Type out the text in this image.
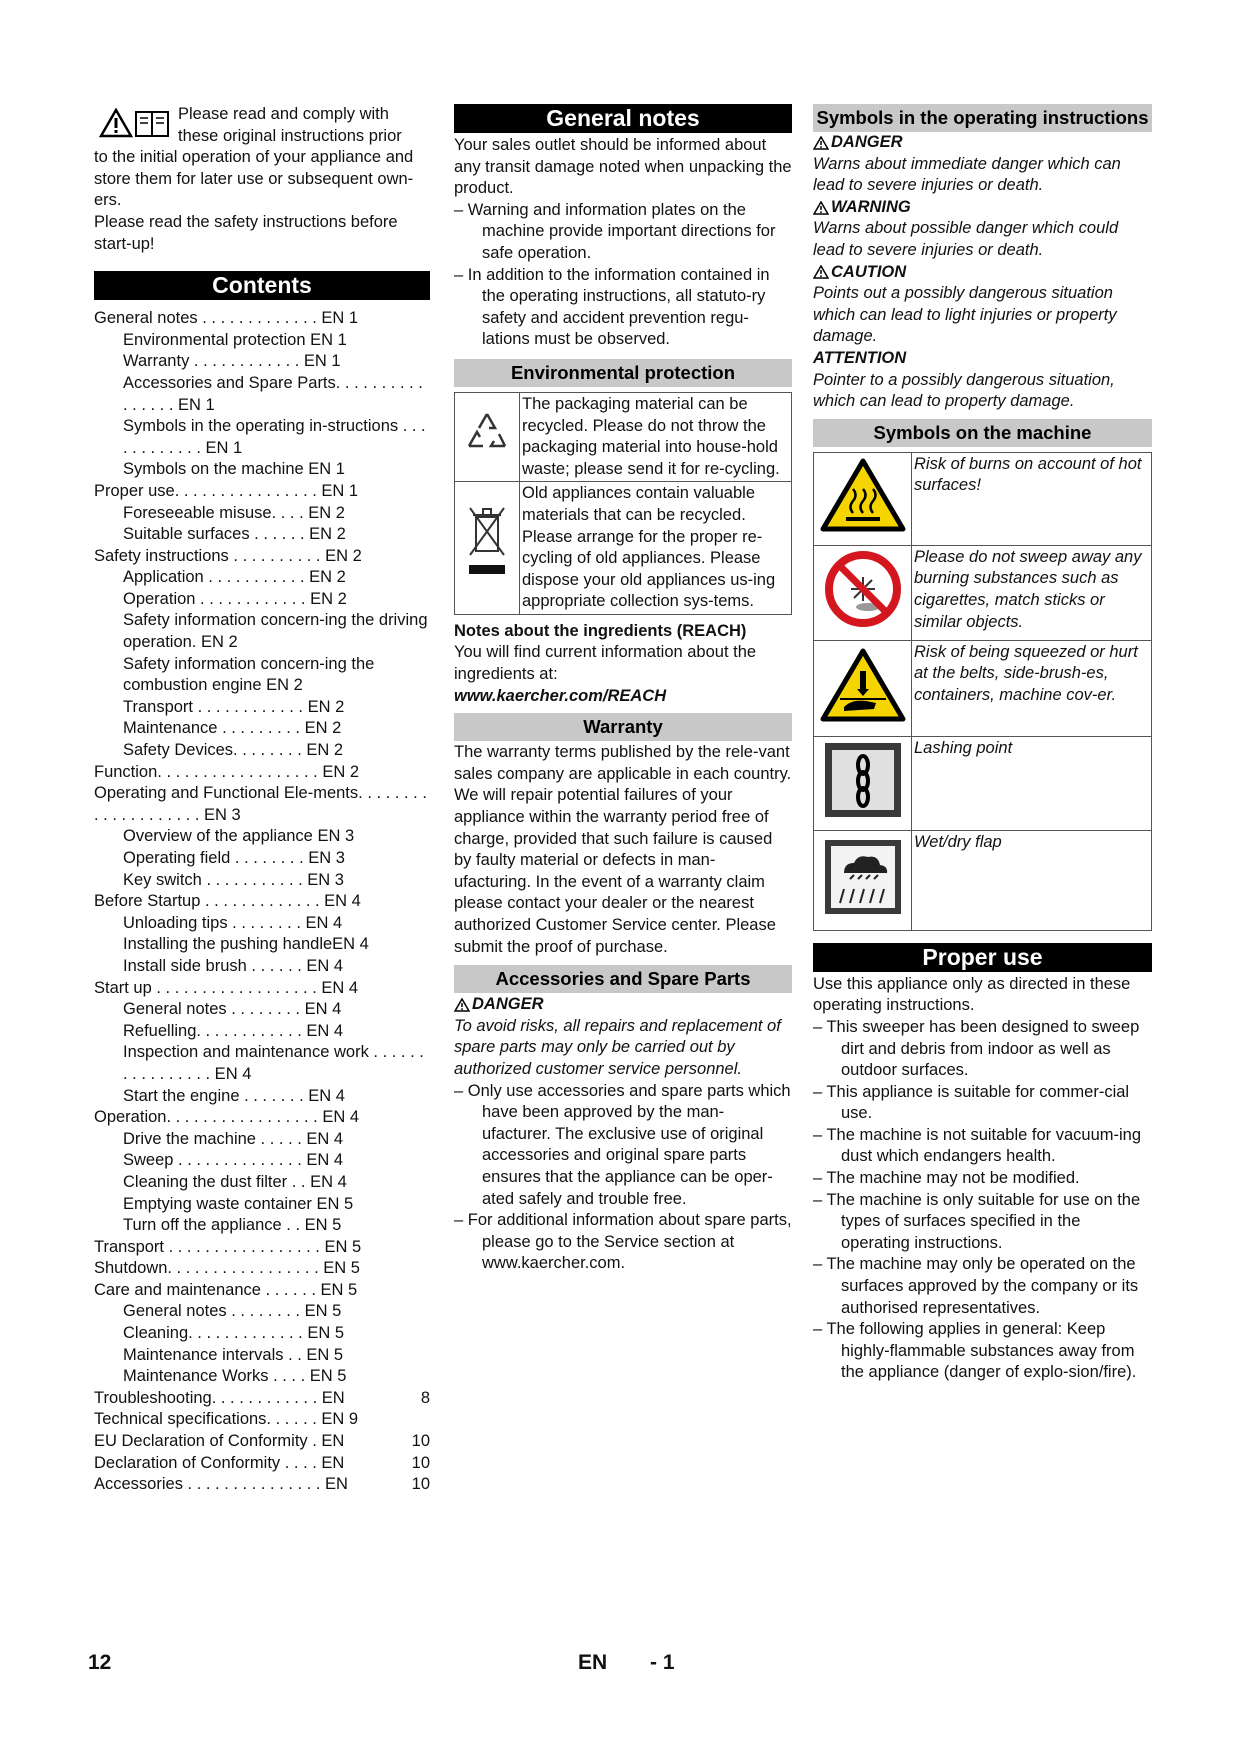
Please read and comply with

these original instructions prior

to the initial operation of your appliance and store them for later use or subsequent own-ers.

Please read the safety instructions before start-up!

Contents
General notes . . . . . . . . . . . . . EN 1
Environmental protection EN 1
Warranty . . . . . . . . . . . . EN 1
Accessories and Spare Parts. . . . . . . . . . . . . . . . EN 1
Symbols in the operating in-structions . . . . . . . . . . . . EN 1
Symbols on the machine EN 1
Proper use. . . . . . . . . . . . . . . . EN 1
Foreseeable misuse. . . . EN 2
Suitable surfaces . . . . . . EN 2
Safety instructions . . . . . . . . . . EN 2
Application . . . . . . . . . . . EN 2
Operation . . . . . . . . . . . . EN 2
Safety information concern-ing the driving operation. EN 2
Safety information concern-ing the combustion engine EN 2
Transport . . . . . . . . . . . . EN 2
Maintenance . . . . . . . . . EN 2
Safety Devices. . . . . . . . EN 2
Function. . . . . . . . . . . . . . . . . . EN 2
Operating and Functional Ele-ments. . . . . . . . . . . . . . . . . . . . EN 3
Overview of the appliance EN 3
Operating field . . . . . . . . EN 3
Key switch . . . . . . . . . . . EN 3
Before Startup . . . . . . . . . . . . . EN 4
Unloading tips . . . . . . . . EN 4
Installing the pushing handleEN 4
Install side brush . . . . . . EN 4
Start up . . . . . . . . . . . . . . . . . . EN 4
General notes . . . . . . . . EN 4
Refuelling. . . . . . . . . . . . EN 4
Inspection and maintenance work . . . . . . . . . . . . . . . . EN 4
Start the engine . . . . . . . EN 4
Operation. . . . . . . . . . . . . . . . . EN 4
Drive the machine . . . . . EN 4
Sweep . . . . . . . . . . . . . . EN 4
Cleaning the dust filter . . EN 4
Emptying waste container EN 5
Turn off the appliance . . EN 5
Transport . . . . . . . . . . . . . . . . . EN 5
Shutdown. . . . . . . . . . . . . . . . . EN 5
Care and maintenance . . . . . . EN 5
General notes . . . . . . . . EN 5
Cleaning. . . . . . . . . . . . . EN 5
Maintenance intervals . . EN 5
Maintenance Works . . . . EN 5
Troubleshooting. . . . . . . . . . . . EN	8
Technical specifications. . . . . . EN 9
EU Declaration of Conformity . EN	10
Declaration of Conformity . . . . EN	10
Accessories . . . . . . . . . . . . . . . EN	10
General notes

Your sales outlet should be informed about any transit damage noted when unpacking the product.

– Warning and information plates on the machine provide important directions for safe operation.

– In addition to the information contained in the operating instructions, all statuto-ry safety and accident prevention regu-lations must be observed.

Environmental protection
	The packaging material can be recycled. Please do not throw the packaging material into house-hold waste; please send it for re-cycling.
	Old appliances contain valuable materials that can be recycled. Please arrange for the proper re-cycling of old appliances. Please dispose your old appliances us-ing appropriate collection sys-tems.

Notes about the ingredients (REACH)

You will find current information about the ingredients at:

www.kaercher.com/REACH

Warranty

The warranty terms published by the rele-vant sales company are applicable in each country. We will repair potential failures of your appliance within the warranty period free of charge, provided that such failure is caused by faulty material or defects in man-ufacturing. In the event of a warranty claim please contact your dealer or the nearest authorized Customer Service center. Please submit the proof of purchase.

Accessories and Spare Parts

DANGER

To avoid risks, all repairs and replacement of spare parts may only be carried out by authorized customer service personnel.

– Only use accessories and spare parts which have been approved by the man-ufacturer. The exclusive use of original accessories and original spare parts ensures that the appliance can be oper-ated safely and trouble free.

– For additional information about spare parts, please go to the Service section at www.kaercher.com.

Symbols in the operating instructions

DANGER

Warns about immediate danger which can lead to severe injuries or death.

WARNING

Warns about possible danger which could lead to severe injuries or death.

CAUTION

Points out a possibly dangerous situation which can lead to light injuries or property damage.

ATTENTION

Pointer to a possibly dangerous situation, which can lead to property damage.

Symbols on the machine
	Risk of burns on account of hot surfaces!
	Please do not sweep away any burning substances such as cigarettes, match sticks or similar objects.
	Risk of being squeezed or hurt at the belts, side-brush-es, containers, machine cov-er.
	Lashing point
	Wet/dry flap
Proper use

Use this appliance only as directed in these operating instructions.

– This sweeper has been designed to sweep dirt and debris from indoor as well as outdoor surfaces.

– This appliance is suitable for commer-cial use.

– The machine is not suitable for vacuum-ing dust which endangers health.

– The machine may not be modified.

– The machine is only suitable for use on the types of surfaces specified in the operating instructions.

– The machine may only be operated on the surfaces approved by the company or its authorised representatives.

– The following applies in general: Keep highly-flammable substances away from the appliance (danger of explo-sion/fire).

12	EN - 1
